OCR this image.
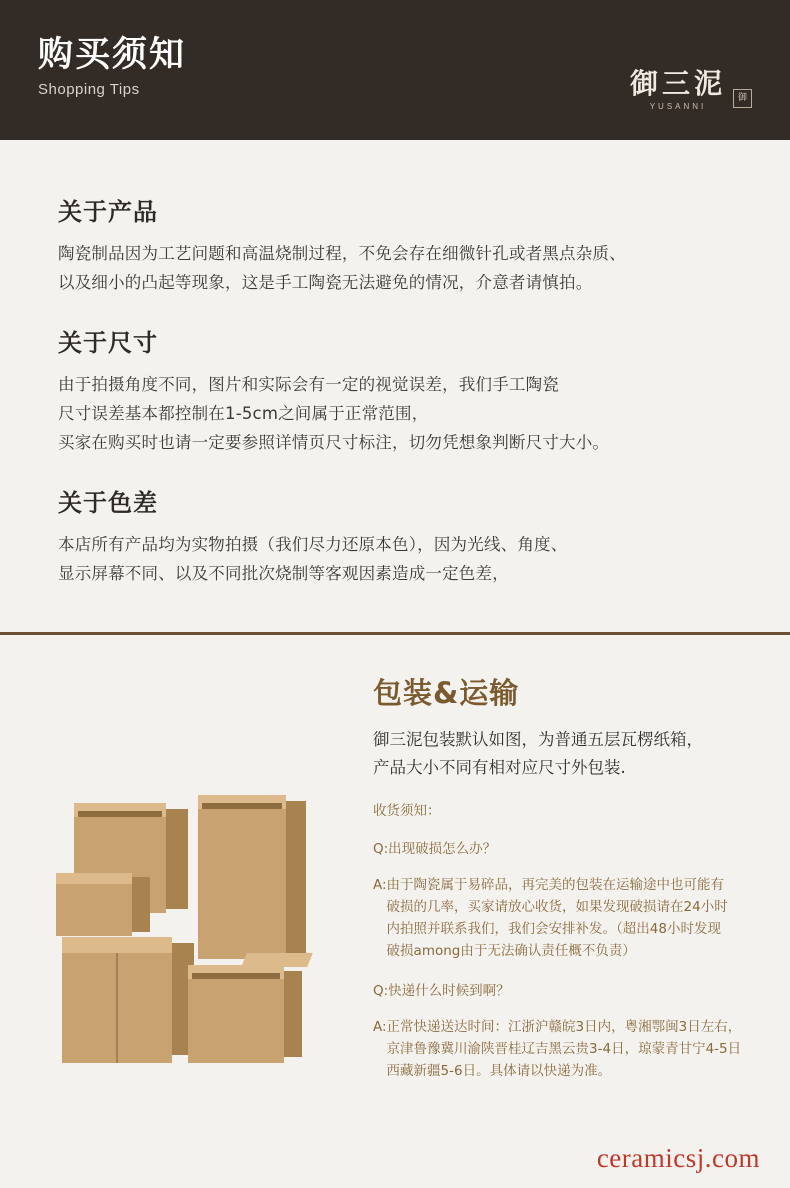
购买须知
Shopping Tips	御三泥
YUSANNI
御
关于产品
陶瓷制品因为工艺问题和高温烧制过程，不免会存在细微针孔或者黑点杂质、
以及细小的凸起等现象，这是手工陶瓷无法避免的情况，介意者请慎拍。
关于尺寸
由于拍摄角度不同，图片和实际会有一定的视觉误差，我们手工陶瓷
尺寸误差基本都控制在1-5cm之间属于正常范围，
买家在购买时也请一定要参照详情页尺寸标注，切勿凭想象判断尺寸大小。
关于色差
本店所有产品均为实物拍摄（我们尽力还原本色），因为光线、角度、
显示屏幕不同、以及不同批次烧制等客观因素造成一定色差，
包装&运输
御三泥包装默认如图，为普通五层瓦楞纸箱，
产品大小不同有相对应尺寸外包装.
收货须知：
Q:出现破损怎么办？
A: 由于陶瓷属于易碎品，再完美的包装在运输途中也可能有
破损的几率，买家请放心收货，如果发现破损请在24小时
内拍照并联系我们，我们会安排补发。（超出48小时发现
破损among由于无法确认责任概不负责）
Q:快递什么时候到啊？
A: 正常快递送达时间：江浙沪赣皖3日内，粤湘鄂闽3日左右，
京津鲁豫冀川渝陕晋桂辽吉黑云贵3-4日，琼蒙青甘宁4-5日
西藏新疆5-6日。具体请以快递为准。
ceramicsj.com
